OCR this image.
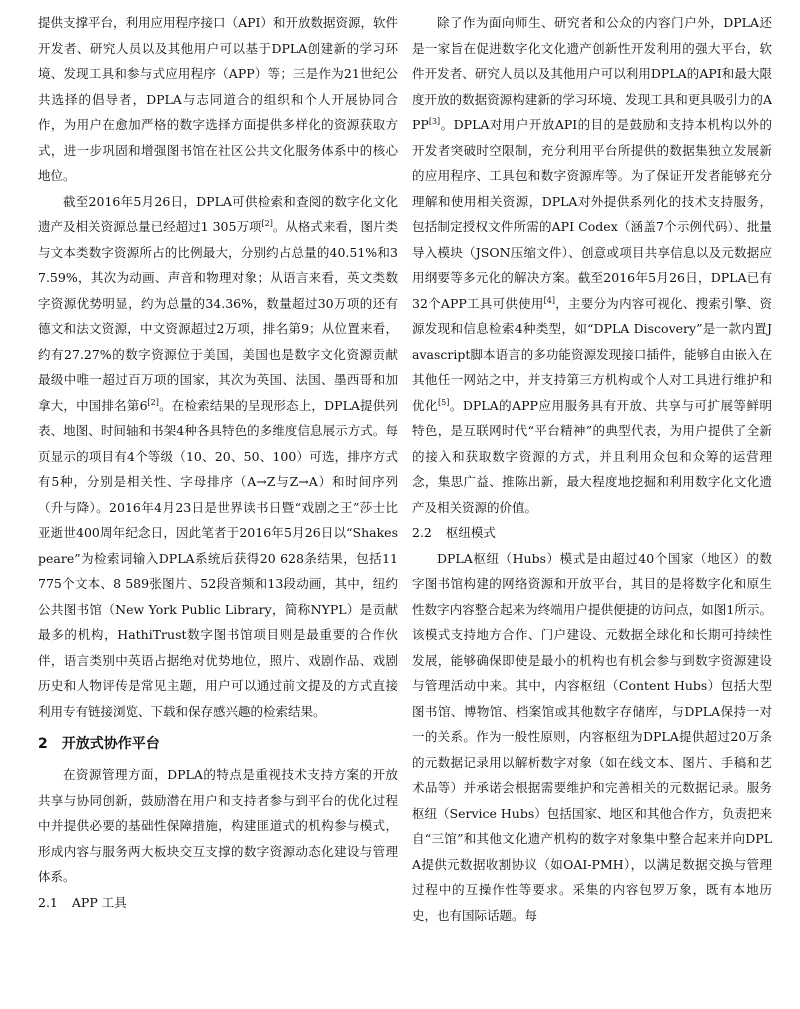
提供支撑平台，利用应用程序接口（API）和开放数据资源，软件开发者、研究人员以及其他用户可以基于DPLA创建新的学习环境、发现工具和参与式应用程序（APP）等；三是作为21世纪公共选择的倡导者，DPLA与志同道合的组织和个人开展协同合作，为用户在愈加严格的数字选择方面提供多样化的资源获取方式，进一步巩固和增强图书馆在社区公共文化服务体系中的核心地位。

截至2016年5月26日，DPLA可供检索和查阅的数字化文化遗产及相关资源总量已经超过1 305万项[2]。从格式来看，图片类与文本类数字资源所占的比例最大，分别约占总量的40.51%和37.59%，其次为动画、声音和物理对象；从语言来看，英文类数字资源优势明显，约为总量的34.36%，数量超过30万项的还有德文和法文资源，中文资源超过2万项，排名第9；从位置来看，约有27.27%的数字资源位于美国，美国也是数字文化资源贡献最级中唯一超过百万项的国家，其次为英国、法国、墨西哥和加拿大，中国排名第6[2]。在检索结果的呈现形态上，DPLA提供列表、地图、时间轴和书架4种各具特色的多维度信息展示方式。每页显示的项目有4个等级（10、20、50、100）可选，排序方式有5种，分别是相关性、字母排序（A→Z与Z→A）和时间序列（升与降）。2016年4月23日是世界读书日暨“戏剧之王”莎士比亚逝世400周年纪念日，因此笔者于2016年5月26日以“Shakespeare”为检索词输入DPLA系统后获得20 628条结果，包括11 775个文本、8 589张图片、52段音频和13段动画，其中，纽约公共图书馆（New York Public Library，简称NYPL）是贡献最多的机构，HathiTrust数字图书馆项目则是最重要的合作伙伴，语言类别中英语占据绝对优势地位，照片、戏剧作品、戏剧历史和人物评传是常见主题，用户可以通过前文提及的方式直接利用专有链接浏览、下载和保存感兴趣的检索结果。

2 开放式协作平台

在资源管理方面，DPLA的特点是重视技术支持方案的开放共享与协同创新，鼓励潜在用户和支持者参与到平台的优化过程中并提供必要的基础性保障措施，构建匪道式的机构参与模式，形成内容与服务两大板块交互支撑的数字资源动态化建设与管理体系。

2.1 APP 工具

除了作为面向师生、研究者和公众的内容门户外，DPLA还是一家旨在促进数字化文化遗产创新性开发利用的强大平台，软件开发者、研究人员以及其他用户可以利用DPLA的API和最大限度开放的数据资源构建新的学习环境、发现工具和更具吸引力的APP[3]。DPLA对用户开放API的目的是鼓励和支持本机构以外的开发者突破时空限制，充分利用平台所提供的数据集独立发展新的应用程序、工具包和数字资源库等。为了保证开发者能够充分理解和使用相关资源，DPLA对外提供系列化的技术支持服务，包括制定授权文件所需的API Codex（涵盖7个示例代码）、批量导入模块（JSON压缩文件）、创意或项目共享信息以及元数据应用纲要等多元化的解决方案。截至2016年5月26日，DPLA已有32个APP工具可供使用[4]，主要分为内容可视化、搜索引擎、资源发现和信息检索4种类型，如“DPLA Discovery”是一款内置Javascript脚本语言的多功能资源发现接口插件，能够自由嵌入在其他任一网站之中，并支持第三方机构或个人对工具进行维护和优化[5]。DPLA的APP应用服务具有开放、共享与可扩展等鲜明特色，是互联网时代“平台精神”的典型代表，为用户提供了全新的接入和获取数字资源的方式，并且利用众包和众筹的运营理念，集思广益、推陈出新，最大程度地挖掘和利用数字化文化遗产及相关资源的价值。

2.2 枢纽模式

DPLA枢纽（Hubs）模式是由超过40个国家（地区）的数字图书馆构建的网络资源和开放平台，其目的是将数字化和原生性数字内容整合起来为终端用户提供便捷的访问点，如图1所示。该模式支持地方合作、门户建设、元数据全球化和长期可持续性发展，能够确保即使是最小的机构也有机会参与到数字资源建设与管理活动中来。其中，内容枢纽（Content Hubs）包括大型图书馆、博物馆、档案馆或其他数字存储库，与DPLA保持一对一的关系。作为一般性原则，内容枢纽为DPLA提供超过20万条的元数据记录用以解析数字对象（如在线文本、图片、手稿和艺术品等）并承诺会根据需要维护和完善相关的元数据记录。服务枢纽（Service Hubs）包括国家、地区和其他合作方，负责把来自“三馆”和其他文化遗产机构的数字对象集中整合起来并向DPLA提供元数据收割协议（如OAI-PMH），以满足数据交换与管理过程中的互操作性等要求。采集的内容包罗万象，既有本地历史，也有国际话题。每
